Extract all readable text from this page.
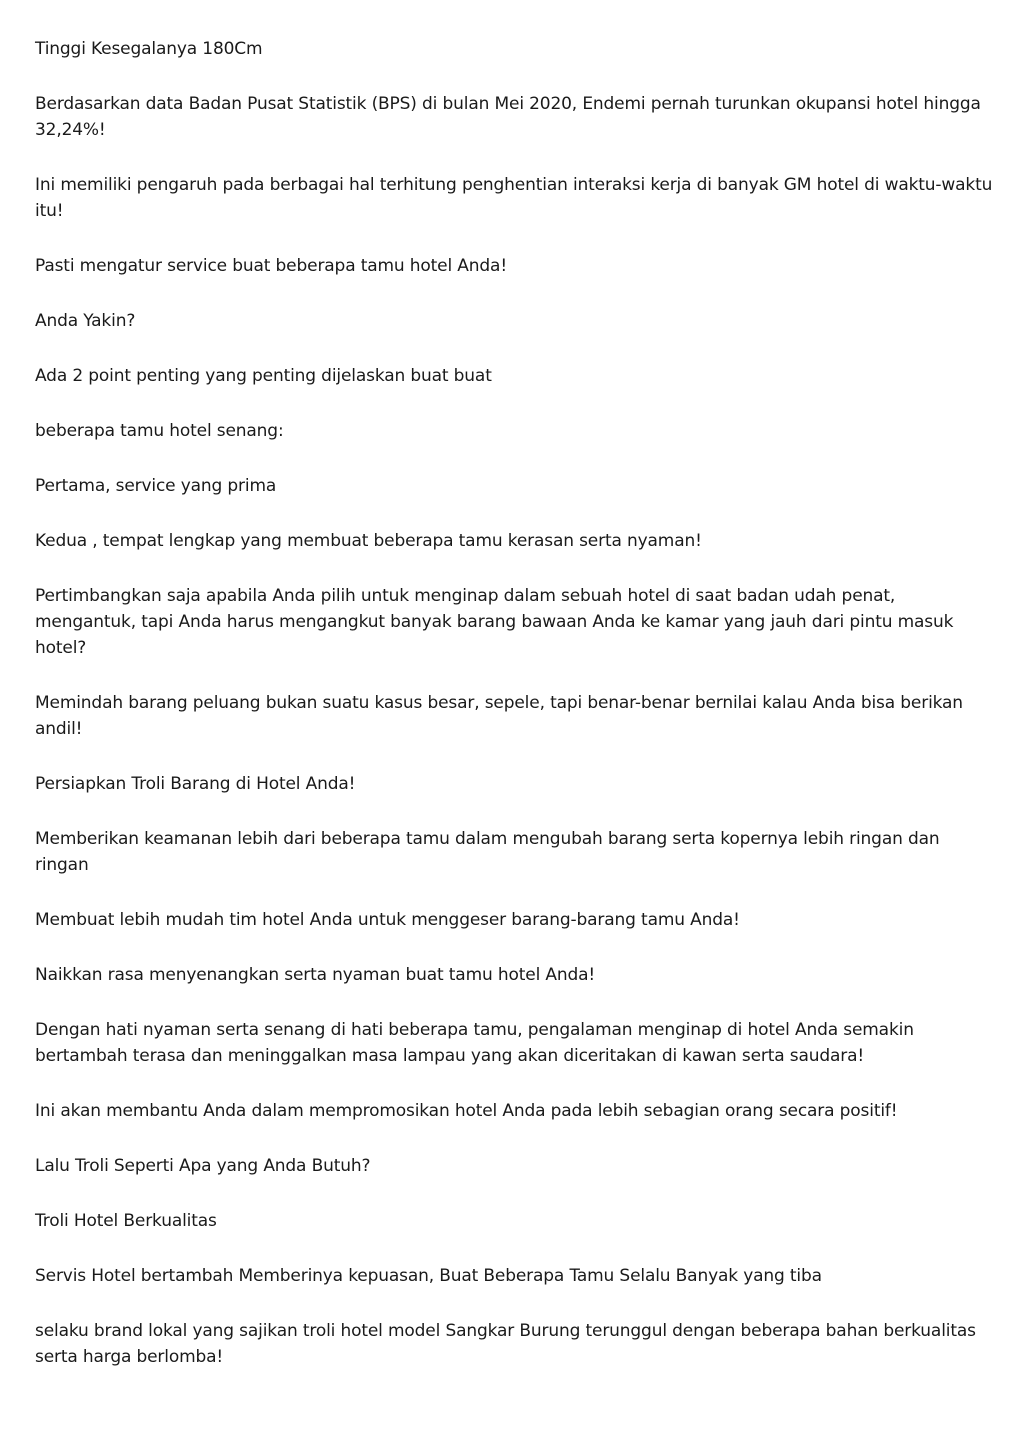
Tinggi Kesegalanya 180Cm

Berdasarkan data Badan Pusat Statistik (BPS) di bulan Mei 2020, Endemi pernah turunkan okupansi hotel hingga 32,24%!

Ini memiliki pengaruh pada berbagai hal terhitung penghentian interaksi kerja di banyak GM hotel di waktu-waktu itu!

Pasti mengatur service buat beberapa tamu hotel Anda!

Anda Yakin?

Ada 2 point penting yang penting dijelaskan buat buat

beberapa tamu hotel senang:

Pertama, service yang prima

Kedua , tempat lengkap yang membuat beberapa tamu kerasan serta nyaman!

Pertimbangkan saja apabila Anda pilih untuk menginap dalam sebuah hotel di saat badan udah penat, mengantuk, tapi Anda harus mengangkut banyak barang bawaan Anda ke kamar yang jauh dari pintu masuk hotel?

Memindah barang peluang bukan suatu kasus besar, sepele, tapi benar-benar bernilai kalau Anda bisa berikan andil!

Persiapkan Troli Barang di Hotel Anda!

Memberikan keamanan lebih dari beberapa tamu dalam mengubah barang serta kopernya lebih ringan dan ringan

Membuat lebih mudah tim hotel Anda untuk menggeser barang-barang tamu Anda!

Naikkan rasa menyenangkan serta nyaman buat tamu hotel Anda!

Dengan hati nyaman serta senang di hati beberapa tamu, pengalaman menginap di hotel Anda semakin bertambah terasa dan meninggalkan masa lampau yang akan diceritakan di kawan serta saudara!

Ini akan membantu Anda dalam mempromosikan hotel Anda pada lebih sebagian orang secara positif!

Lalu Troli Seperti Apa yang Anda Butuh?

Troli Hotel Berkualitas

Servis Hotel bertambah Memberinya kepuasan, Buat Beberapa Tamu Selalu Banyak yang tiba

selaku brand lokal yang sajikan troli hotel model Sangkar Burung terunggul dengan beberapa bahan berkualitas serta harga berlomba!
